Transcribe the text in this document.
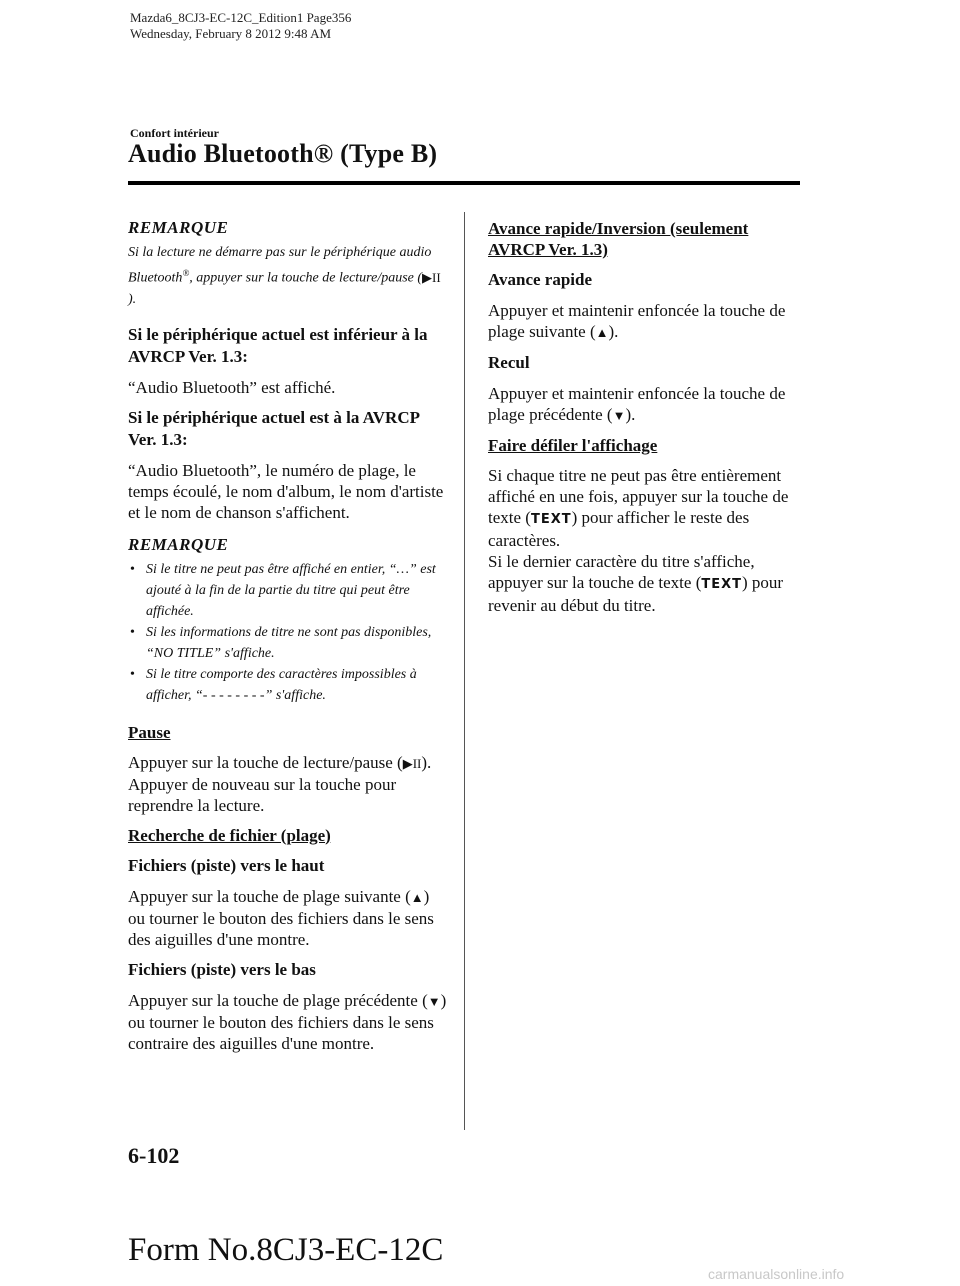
Mazda6_8CJ3-EC-12C_Edition1 Page356
Wednesday, February 8 2012 9:48 AM
Confort intérieur
Audio Bluetooth® (Type B)
REMARQUE
Si la lecture ne démarre pas sur le périphérique audio Bluetooth®, appuyer sur la touche de lecture/pause (▶II).
Si le périphérique actuel est inférieur à la AVRCP Ver. 1.3:
“Audio Bluetooth” est affiché.
Si le périphérique actuel est à la AVRCP Ver. 1.3:
“Audio Bluetooth”, le numéro de plage, le temps écoulé, le nom d'album, le nom d'artiste et le nom de chanson s'affichent.
REMARQUE
• Si le titre ne peut pas être affiché en entier, “…” est ajouté à la fin de la partie du titre qui peut être affichée.
• Si les informations de titre ne sont pas disponibles, “NO TITLE” s'affiche.
• Si le titre comporte des caractères impossibles à afficher, “- - - - - - - -” s'affiche.
Pause
Appuyer sur la touche de lecture/pause (▶II).
Appuyer de nouveau sur la touche pour reprendre la lecture.
Recherche de fichier (plage)
Fichiers (piste) vers le haut
Appuyer sur la touche de plage suivante (▲) ou tourner le bouton des fichiers dans le sens des aiguilles d'une montre.
Fichiers (piste) vers le bas
Appuyer sur la touche de plage précédente (▼) ou tourner le bouton des fichiers dans le sens contraire des aiguilles d'une montre.
Avance rapide/Inversion (seulement AVRCP Ver. 1.3)
Avance rapide
Appuyer et maintenir enfoncée la touche de plage suivante (▲).
Recul
Appuyer et maintenir enfoncée la touche de plage précédente (▼).
Faire défiler l'affichage
Si chaque titre ne peut pas être entièrement affiché en une fois, appuyer sur la touche de texte (TEXT) pour afficher le reste des caractères.
Si le dernier caractère du titre s'affiche, appuyer sur la touche de texte (TEXT) pour revenir au début du titre.
6-102
Form No.8CJ3-EC-12C
carmanualsonline.info
